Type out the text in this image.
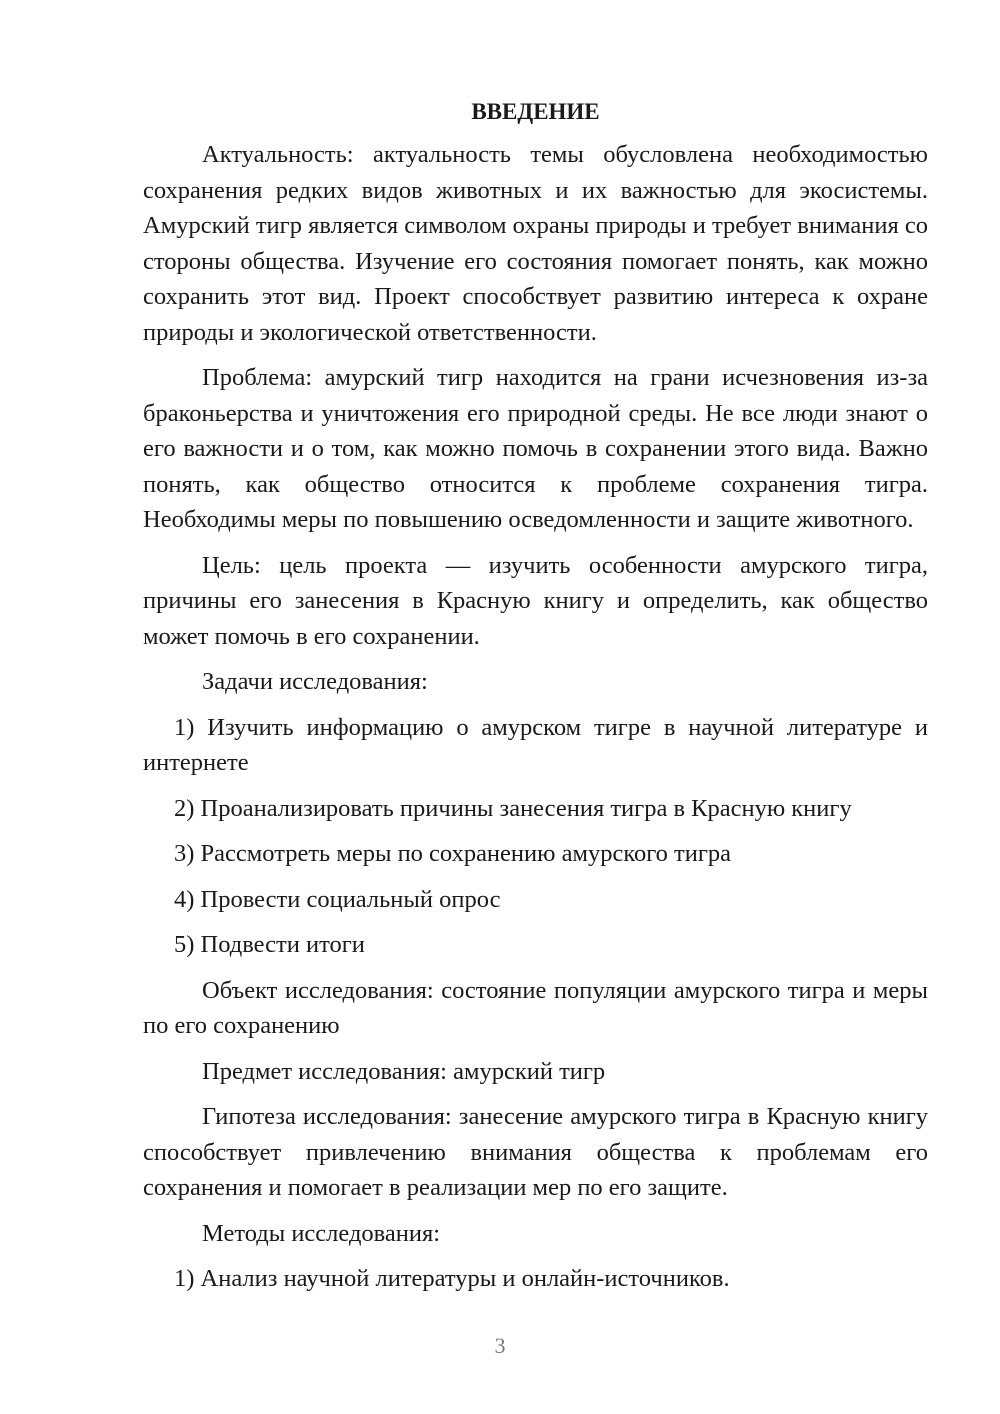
ВВЕДЕНИЕ

Актуальность: актуальность темы обусловлена необходимостью сохранения редких видов животных и их важностью для экосистемы. Амурский тигр является символом охраны природы и требует внимания со стороны общества. Изучение его состояния помогает понять, как можно сохранить этот вид. Проект способствует развитию интереса к охране природы и экологической ответственности.

Проблема: амурский тигр находится на грани исчезновения из-за браконьерства и уничтожения его природной среды. Не все люди знают о его важности и о том, как можно помочь в сохранении этого вида. Важно понять, как общество относится к проблеме сохранения тигра. Необходимы меры по повышению осведомленности и защите животного.

Цель: цель проекта — изучить особенности амурского тигра, причины его занесения в Красную книгу и определить, как общество может помочь в его сохранении.

Задачи исследования:

1) Изучить информацию о амурском тигре в научной литературе и интернете

2) Проанализировать причины занесения тигра в Красную книгу

3) Рассмотреть меры по сохранению амурского тигра

4) Провести социальный опрос

5) Подвести итоги

Объект исследования: состояние популяции амурского тигра и меры по его сохранению

Предмет исследования: амурский тигр

Гипотеза исследования: занесение амурского тигра в Красную книгу способствует привлечению внимания общества к проблемам его сохранения и помогает в реализации мер по его защите.

Методы исследования:

1) Анализ научной литературы и онлайн-источников.

3
